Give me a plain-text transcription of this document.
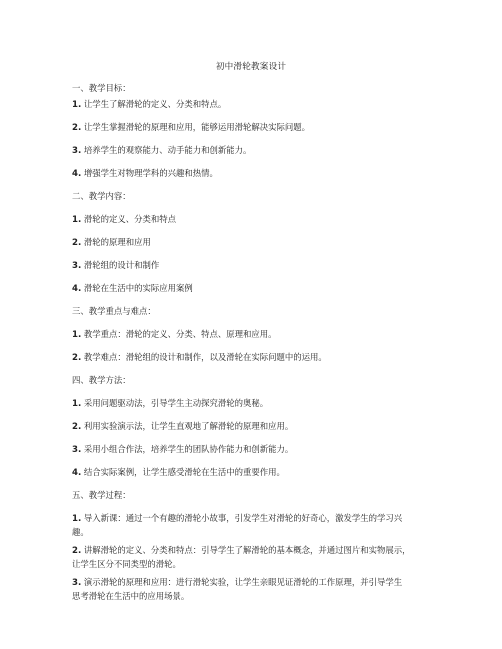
初中滑轮教案设计
一、教学目标：
1. 让学生了解滑轮的定义、分类和特点。
2. 让学生掌握滑轮的原理和应用，能够运用滑轮解决实际问题。
3. 培养学生的观察能力、动手能力和创新能力。
4. 增强学生对物理学科的兴趣和热情。
二、教学内容：
1. 滑轮的定义、分类和特点
2. 滑轮的原理和应用
3. 滑轮组的设计和制作
4. 滑轮在生活中的实际应用案例
三、教学重点与难点：
1. 教学重点：滑轮的定义、分类、特点、原理和应用。
2. 教学难点：滑轮组的设计和制作，以及滑轮在实际问题中的运用。
四、教学方法：
1. 采用问题驱动法，引导学生主动探究滑轮的奥秘。
2. 利用实验演示法，让学生直观地了解滑轮的原理和应用。
3. 采用小组合作法，培养学生的团队协作能力和创新能力。
4. 结合实际案例，让学生感受滑轮在生活中的重要作用。
五、教学过程：
1. 导入新课：通过一个有趣的滑轮小故事，引发学生对滑轮的好奇心，激发学生的学习兴
趣。
2. 讲解滑轮的定义、分类和特点：引导学生了解滑轮的基本概念，并通过图片和实物展示，
让学生区分不同类型的滑轮。
3. 演示滑轮的原理和应用：进行滑轮实验，让学生亲眼见证滑轮的工作原理，并引导学生
思考滑轮在生活中的应用场景。
